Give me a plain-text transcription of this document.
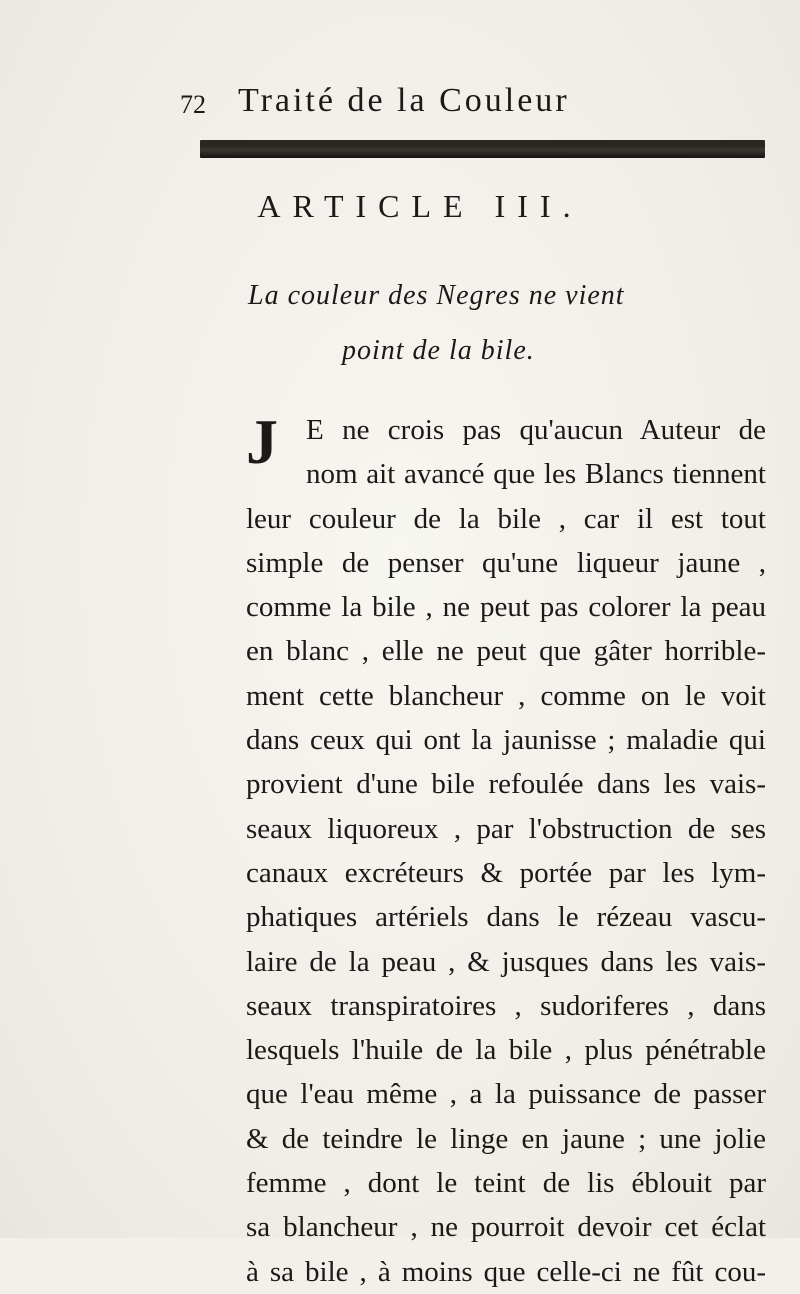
72 Traité de la Couleur
ARTICLE III.
La couleur des Negres ne vient
point de la bile.
J E ne crois pas qu'aucun Auteur de
nom ait avancé que les Blancs tiennent
leur couleur de la bile , car il est tout
simple de penser qu'une liqueur jaune ,
comme la bile , ne peut pas colorer la peau
en blanc , elle ne peut que gâter horrible-
ment cette blancheur , comme on le voit
dans ceux qui ont la jaunisse ; maladie qui
provient d'une bile refoulée dans les vais-
seaux liquoreux , par l'obstruction de ses
canaux excréteurs & portée par les lym-
phatiques artériels dans le rézeau vascu-
laire de la peau , & jusques dans les vais-
seaux transpiratoires , sudoriferes , dans
lesquels l'huile de la bile , plus pénétrable
que l'eau même , a la puissance de passer
& de teindre le linge en jaune ; une jolie
femme , dont le teint de lis éblouit par
sa blancheur , ne pourroit devoir cet éclat
à sa bile , à moins que celle-ci ne fût cou-
